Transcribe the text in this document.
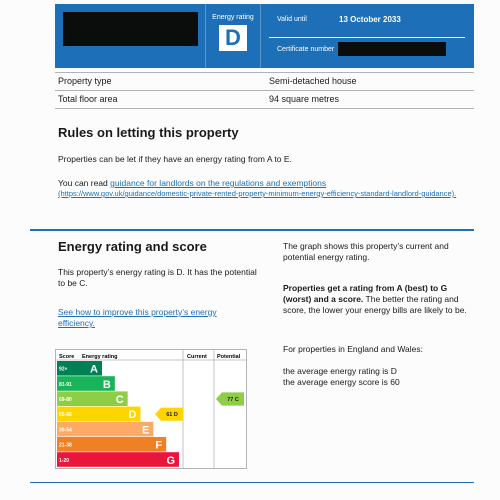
Energy rating
D
Valid until	13 October 2033
Certificate number
Property type	Semi-detached house
Total floor area	94 square metres
Rules on letting this property
Properties can be let if they have an energy rating from A to E.
You can read guidance for landlords on the regulations and exemptions
(https://www.gov.uk/guidance/domestic-private-rented-property-minimum-energy-efficiency-standard-landlord-guidance).
Energy rating and score
This property’s energy rating is D. It has the potential to be C.
See how to improve this property’s energy efficiency.
The graph shows this property’s current and potential energy rating.
Properties get a rating from A (best) to G (worst) and a score. The better the rating and score, the lower your energy bills are likely to be.
For properties in England and Wales:
the average energy rating is D
the average energy score is 60
Score Energy rating	Current Potential
92+ A
81-91	B
69-80	C
55-68	D
39-54	E
21-38	F
1-20	G
61 D
77 C
